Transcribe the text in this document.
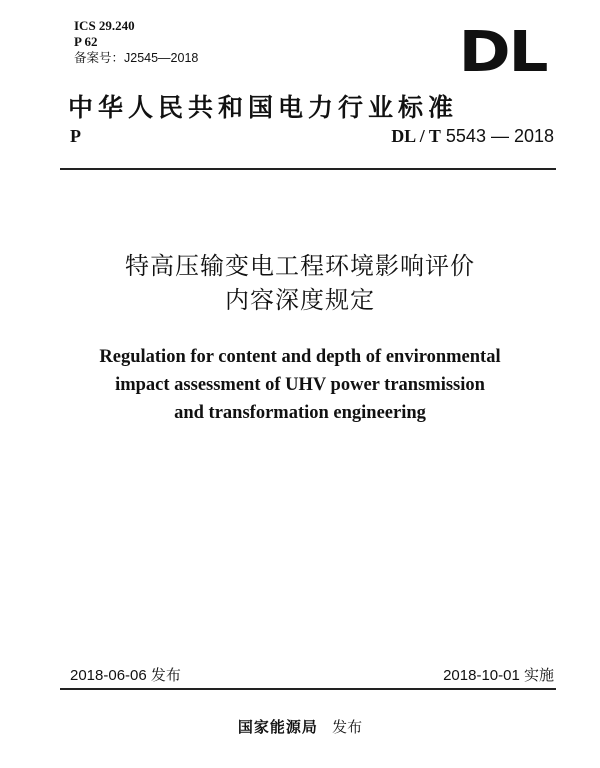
ICS 29.240
P 62
备案号：J2545—2018	DL
中华人民共和国电力行业标准
P	DL / T 5543 — 2018
特高压输变电工程环境影响评价
内容深度规定
Regulation for content and depth of environmental
impact assessment of UHV power transmission
and transformation engineering
2018-06-06 发布	2018-10-01 实施
国家能源局 发布
